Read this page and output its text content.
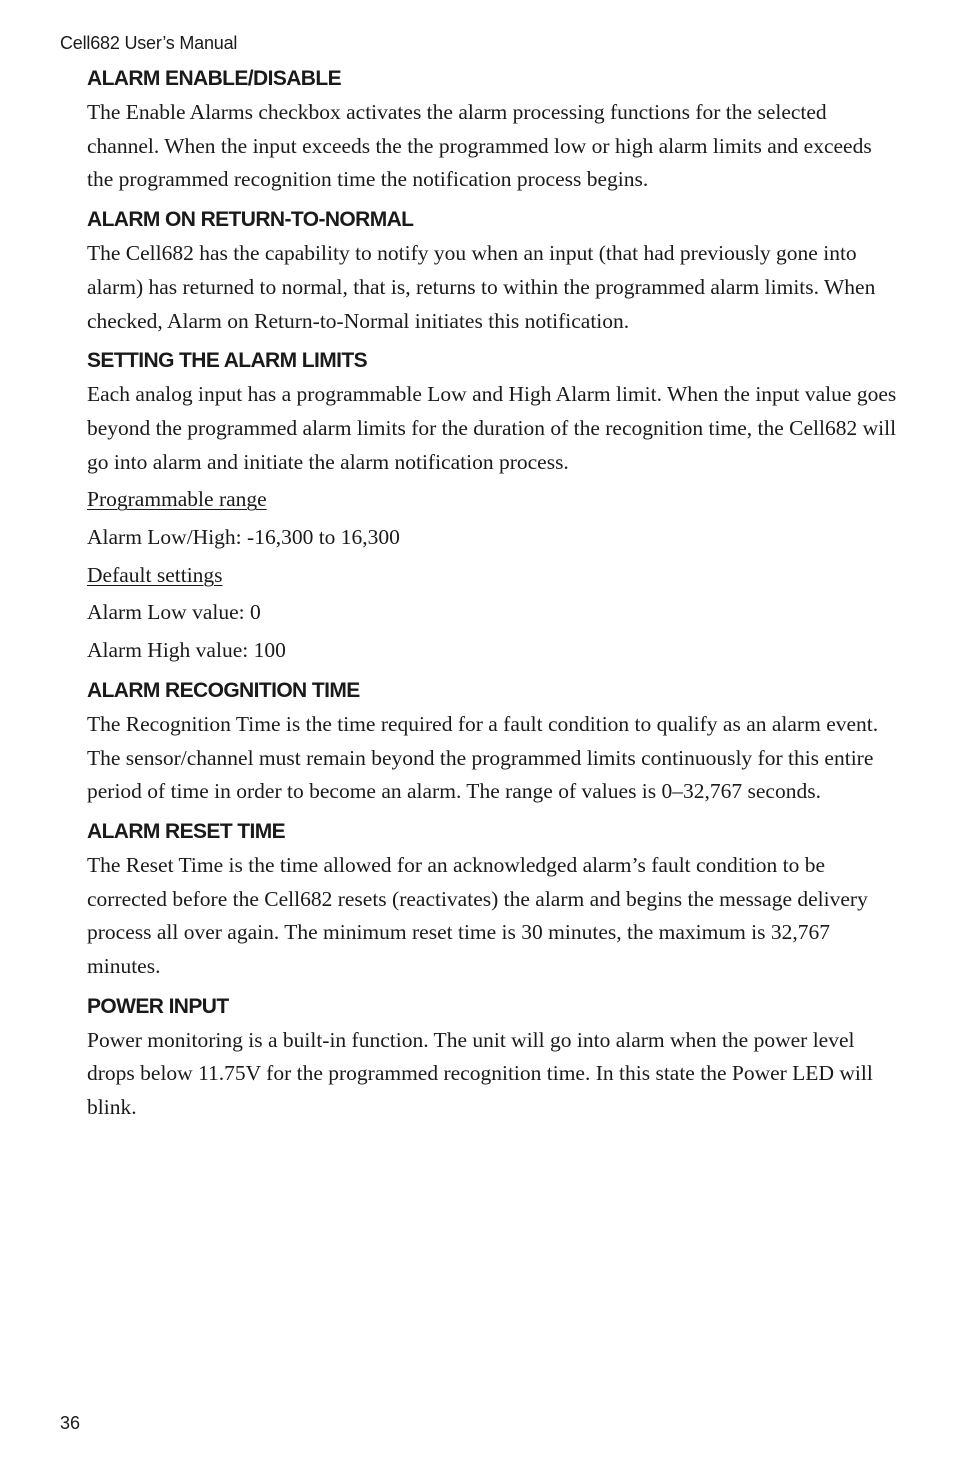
Cell682 User’s Manual
ALARM ENABLE/DISABLE

The Enable Alarms checkbox activates the alarm processing functions for the selected channel. When the input exceeds the the programmed low or high alarm limits and exceeds the programmed recognition time the notification process begins.

ALARM ON RETURN-TO-NORMAL

The Cell682 has the capability to notify you when an input (that had previously gone into alarm) has returned to normal, that is, returns to within the programmed alarm limits. When checked, Alarm on Return-to-Normal initiates this notification.

SETTING THE ALARM LIMITS

Each analog input has a programmable Low and High Alarm limit. When the input value goes beyond the programmed alarm limits for the duration of the recognition time, the Cell682 will go into alarm and initiate the alarm notification process.

Programmable range

Alarm Low/High: -16,300 to 16,300

Default settings

Alarm Low value: 0

Alarm High value: 100

ALARM RECOGNITION TIME

The Recognition Time is the time required for a fault condition to qualify as an alarm event. The sensor/channel must remain beyond the programmed limits continuously for this entire period of time in order to become an alarm. The range of values is 0–32,767 seconds.

ALARM RESET TIME

The Reset Time is the time allowed for an acknowledged alarm’s fault condition to be corrected before the Cell682 resets (reactivates) the alarm and begins the message delivery process all over again. The minimum reset time is 30 minutes, the maximum is 32,767 minutes.

POWER INPUT

Power monitoring is a built-in function. The unit will go into alarm when the power level drops below 11.75V for the programmed recognition time. In this state the Power LED will blink.

36
